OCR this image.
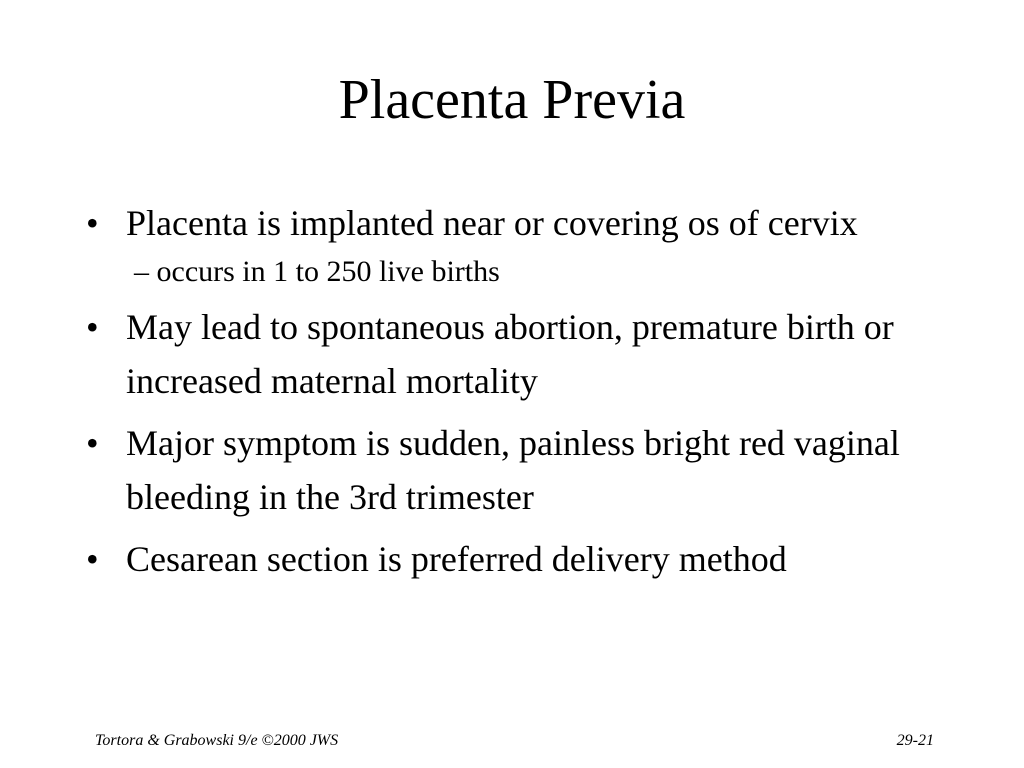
Placenta Previa
• Placenta is implanted near or covering os of cervix
– occurs in 1 to 250 live births
• May lead to spontaneous abortion, premature birth or increased maternal mortality
• Major symptom is sudden, painless bright red vaginal bleeding in the 3rd trimester
• Cesarean section is preferred delivery method
Tortora & Grabowski 9/e ©2000 JWS	29-21
